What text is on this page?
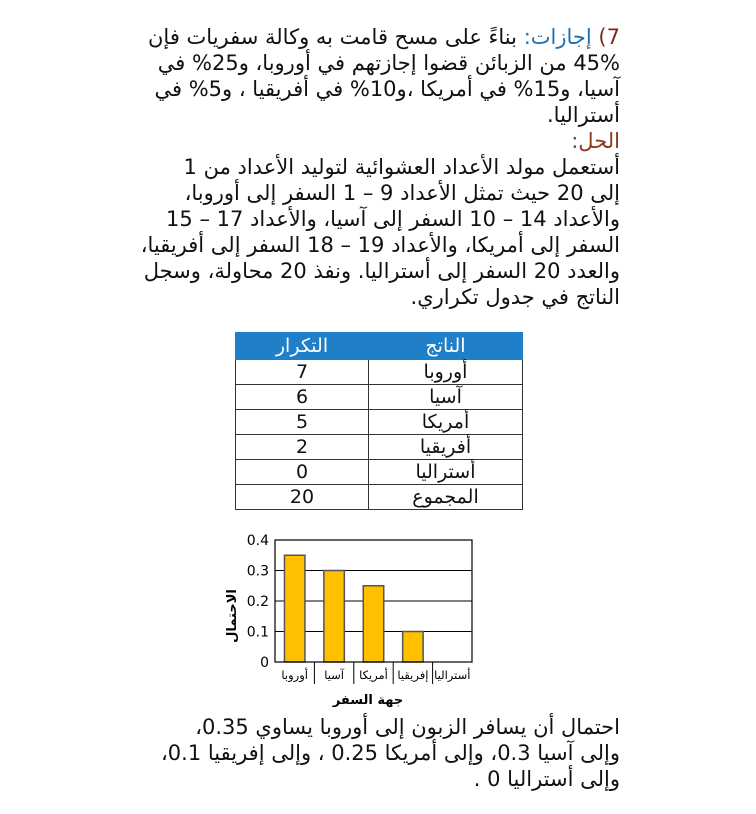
7) إجازات: بناءً على مسح قامت به وكالة سفريات فإن
45% من الزبائن قضوا إجازتهم في أوروبا، و25% في
آسيا، و15% في أمريكا ،و10% في أفريقيا ، و5% في
أستراليا.
الحل:
أستعمل مولد الأعداد العشوائية لتوليد الأعداد من 1
إلى 20 حيث تمثل الأعداد 9 – 1 السفر إلى أوروبا،
والأعداد 14 – 10 السفر إلى آسيا، والأعداد 17 – 15
السفر إلى أمريكا، والأعداد 19 – 18 السفر إلى أفريقيا،
والعدد 20 السفر إلى أستراليا. ونفذ 20 محاولة، وسجل
الناتج في جدول تكراري.
الناتج	التكرار
أوروبا	7
آسيا	6
أمريكا	5
أفريقيا	2
أستراليا	0
المجموع	20
0
0.1
0.2
0.3
0.4
أوروبا آسيا أمريكا إفريقيا أستراليا
الاحتمال
جهة السفر
احتمال أن يسافر الزبون إلى أوروبا يساوي 0.35،
وإلى آسيا 0.3، وإلى أمريكا 0.25 ، وإلى إفريقيا 0.1،
وإلى أستراليا 0 .
